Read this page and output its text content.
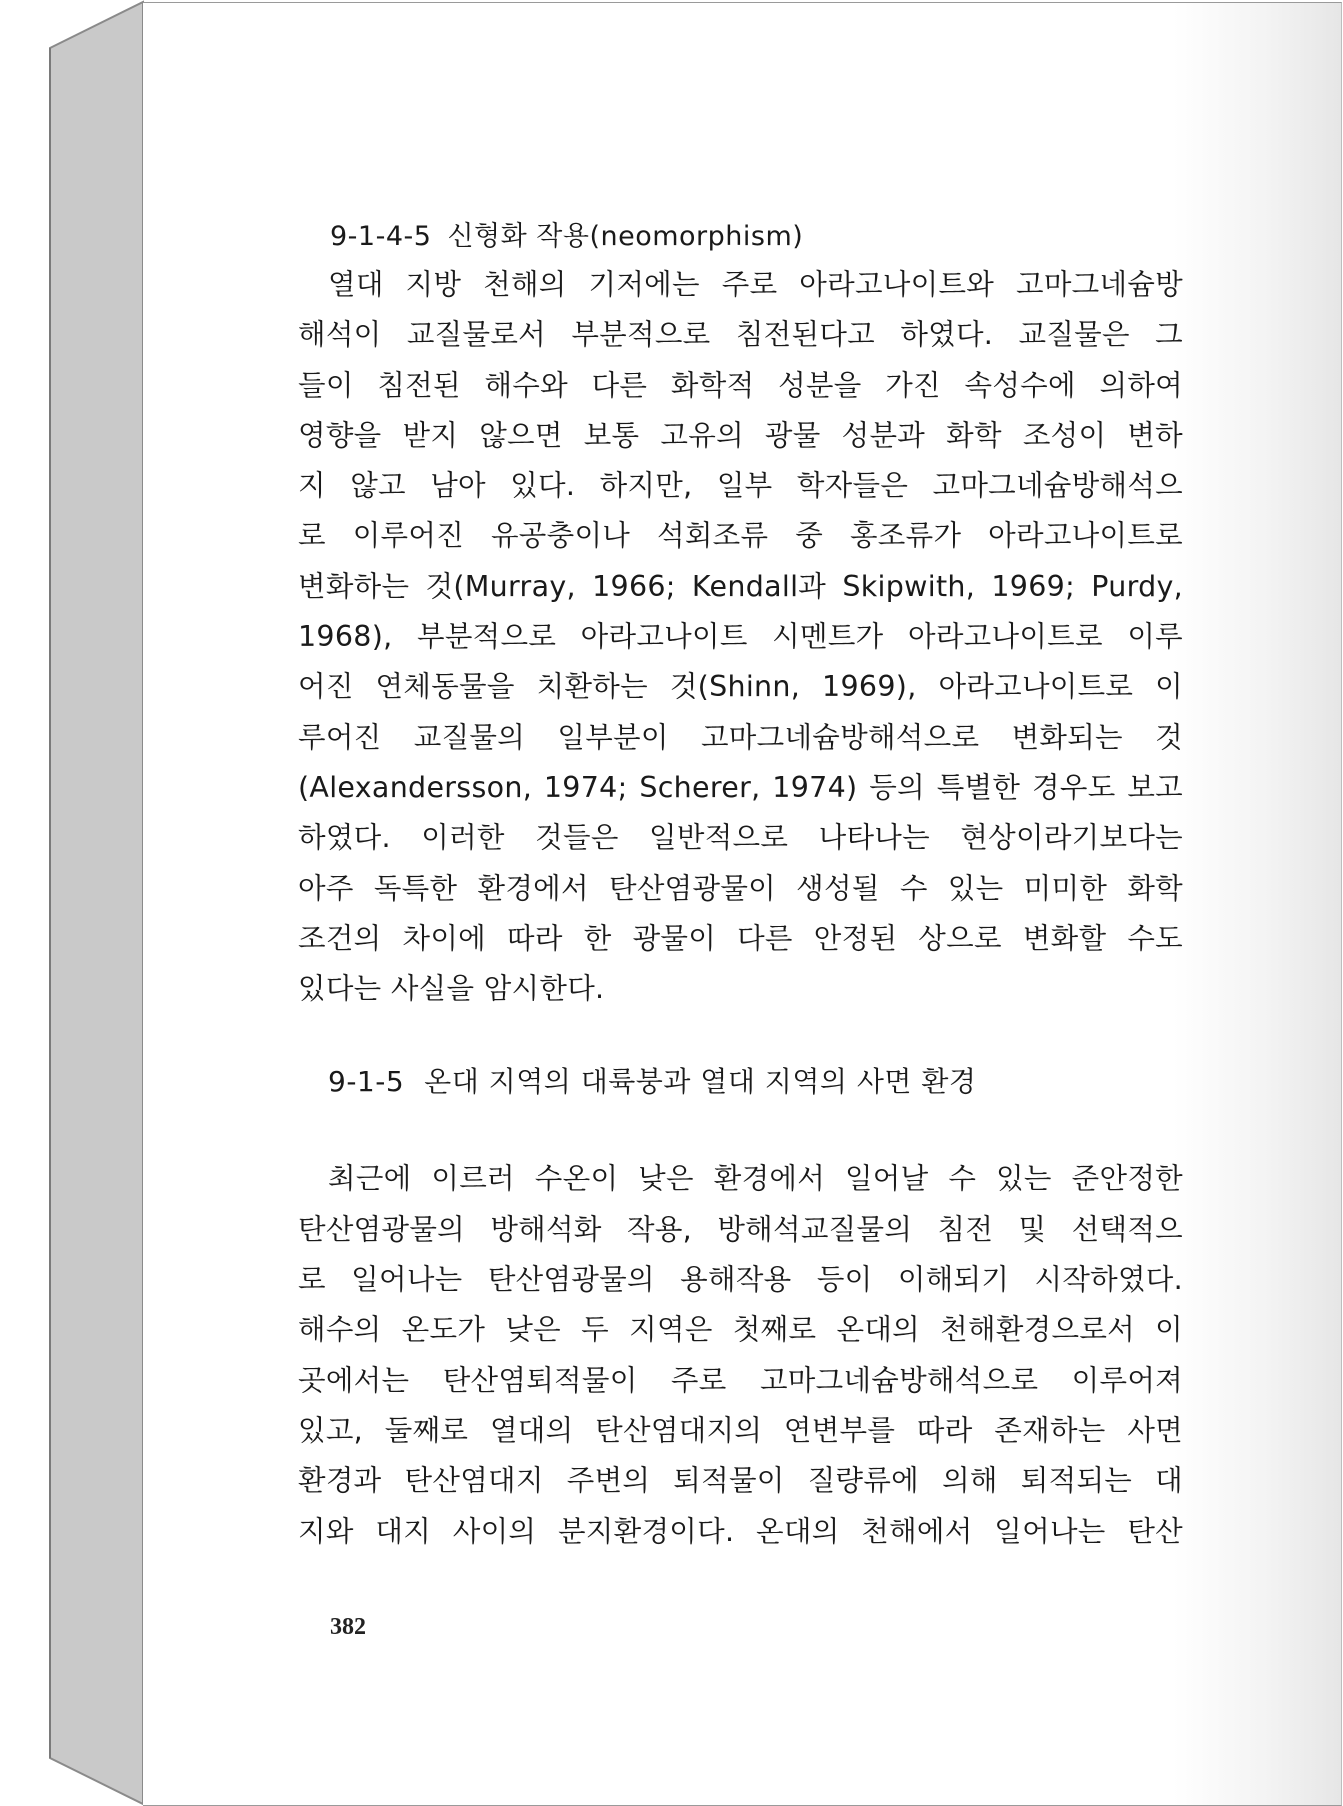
9-1-4-5 신형화 작용(neomorphism)
열대 지방 천해의 기저에는 주로 아라고나이트와 고마그네슘방
해석이 교질물로서 부분적으로 침전된다고 하였다. 교질물은 그
들이 침전된 해수와 다른 화학적 성분을 가진 속성수에 의하여
영향을 받지 않으면 보통 고유의 광물 성분과 화학 조성이 변하
지 않고 남아 있다. 하지만, 일부 학자들은 고마그네슘방해석으
로 이루어진 유공충이나 석회조류 중 홍조류가 아라고나이트로
변화하는 것(Murray, 1966; Kendall과 Skipwith, 1969; Purdy,
1968), 부분적으로 아라고나이트 시멘트가 아라고나이트로 이루
어진 연체동물을 치환하는 것(Shinn, 1969), 아라고나이트로 이
루어진 교질물의 일부분이 고마그네슘방해석으로 변화되는 것
(Alexandersson, 1974; Scherer, 1974) 등의 특별한 경우도 보고
하였다. 이러한 것들은 일반적으로 나타나는 현상이라기보다는
아주 독특한 환경에서 탄산염광물이 생성될 수 있는 미미한 화학
조건의 차이에 따라 한 광물이 다른 안정된 상으로 변화할 수도
있다는 사실을 암시한다.
9-1-5 온대 지역의 대륙붕과 열대 지역의 사면 환경
최근에 이르러 수온이 낮은 환경에서 일어날 수 있는 준안정한
탄산염광물의 방해석화 작용, 방해석교질물의 침전 및 선택적으
로 일어나는 탄산염광물의 용해작용 등이 이해되기 시작하였다.
해수의 온도가 낮은 두 지역은 첫째로 온대의 천해환경으로서 이
곳에서는 탄산염퇴적물이 주로 고마그네슘방해석으로 이루어져
있고, 둘째로 열대의 탄산염대지의 연변부를 따라 존재하는 사면
환경과 탄산염대지 주변의 퇴적물이 질량류에 의해 퇴적되는 대
지와 대지 사이의 분지환경이다. 온대의 천해에서 일어나는 탄산
382
